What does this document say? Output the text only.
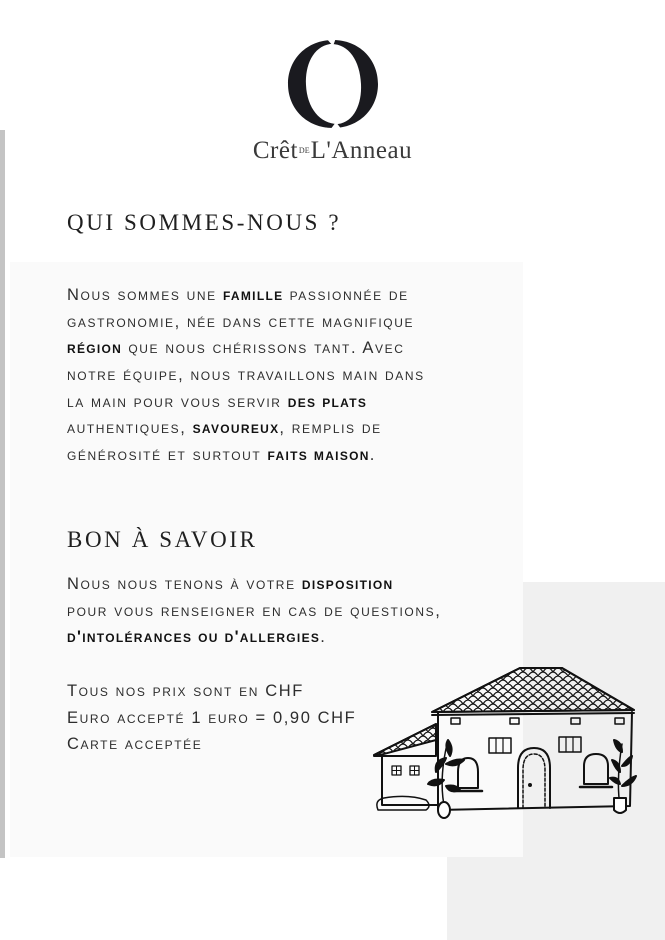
Crêt$^{DE}$L'Anneau
QUI SOMMES-NOUS ?
Nous sommes une famille passionnée de
gastronomie, née dans cette magnifique
région que nous chérissons tant. Avec
notre équipe, nous travaillons main dans
la main pour vous servir des plats
authentiques, savoureux, remplis de
générosité et surtout faits maison.
BON À SAVOIR
Nous nous tenons à votre disposition
pour vous renseigner en cas de questions,
d'intolérances ou d'allergies.
Tous nos prix sont en CHF
Euro accepté 1 euro = 0,90 CHF
Carte acceptée
